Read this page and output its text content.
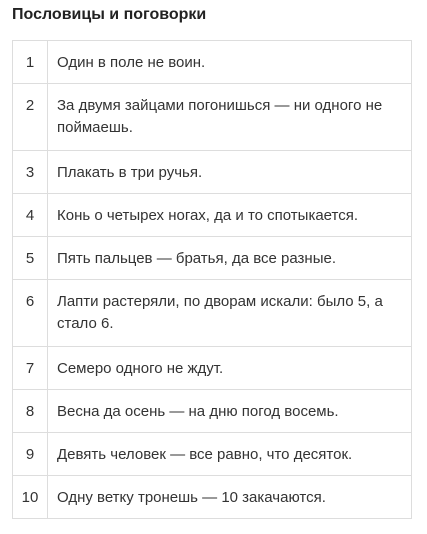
Пословицы и поговорки
1	Один в поле не воин.
2	За двумя зайцами погонишься — ни одного не поймаешь.
3	Плакать в три ручья.
4	Конь о четырех ногах, да и то спотыкается.
5	Пять пальцев — братья, да все разные.
6	Лапти растеряли, по дворам искали: было 5, а стало 6.
7	Семеро одного не ждут.
8	Весна да осень — на дню погод восемь.
9	Девять человек — все равно, что десяток.
10	Одну ветку тронешь — 10 закачаются.
